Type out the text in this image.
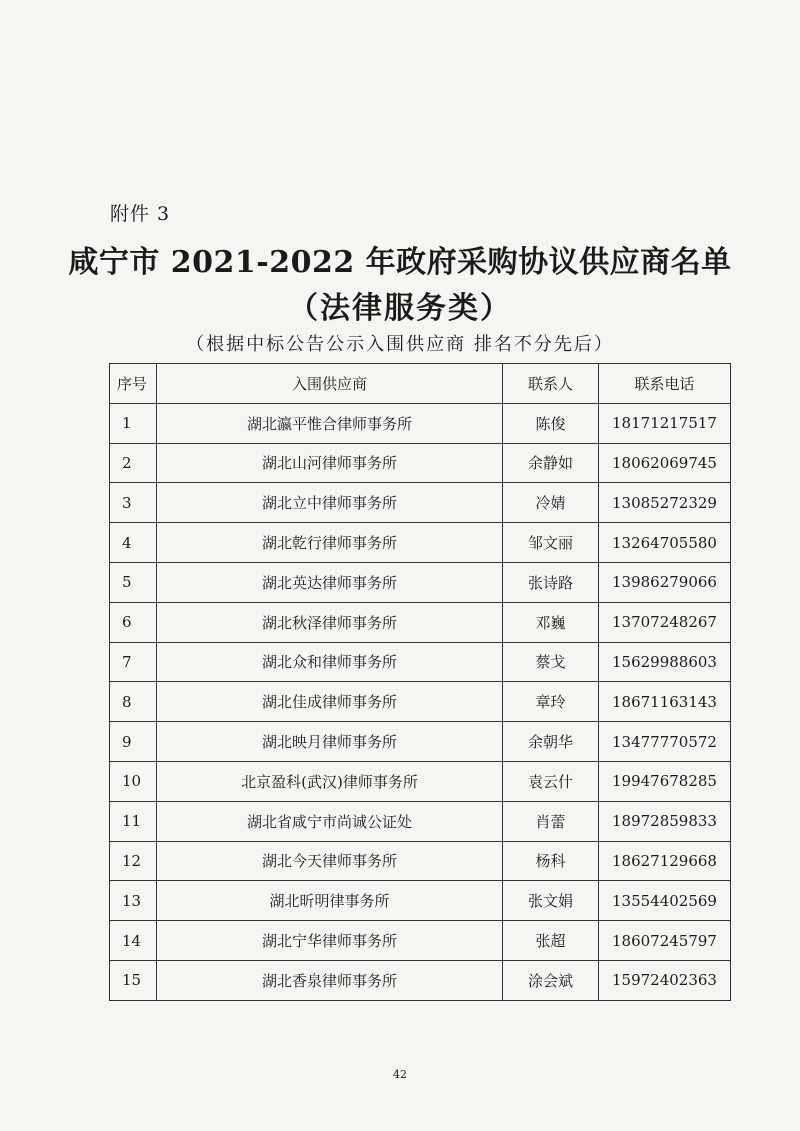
附件 3
咸宁市 2021-2022 年政府采购协议供应商名单
（法律服务类）
（根据中标公告公示入围供应商 排名不分先后）
序号	入围供应商	联系人	联系电话
1	湖北瀛平惟合律师事务所	陈俊	18171217517
2	湖北山河律师事务所	余静如	18062069745
3	湖北立中律师事务所	冷婧	13085272329
4	湖北乾行律师事务所	邹文丽	13264705580
5	湖北英达律师事务所	张诗路	13986279066
6	湖北秋泽律师事务所	邓巍	13707248267
7	湖北众和律师事务所	蔡戈	15629988603
8	湖北佳成律师事务所	章玲	18671163143
9	湖北映月律师事务所	余朝华	13477770572
10	北京盈科(武汉)律师事务所	袁云什	19947678285
11	湖北省咸宁市尚诚公证处	肖蕾	18972859833
12	湖北今天律师事务所	杨科	18627129668
13	湖北昕明律事务所	张文娟	13554402569
14	湖北宁华律师事务所	张超	18607245797
15	湖北香泉律师事务所	涂会斌	15972402363
42
